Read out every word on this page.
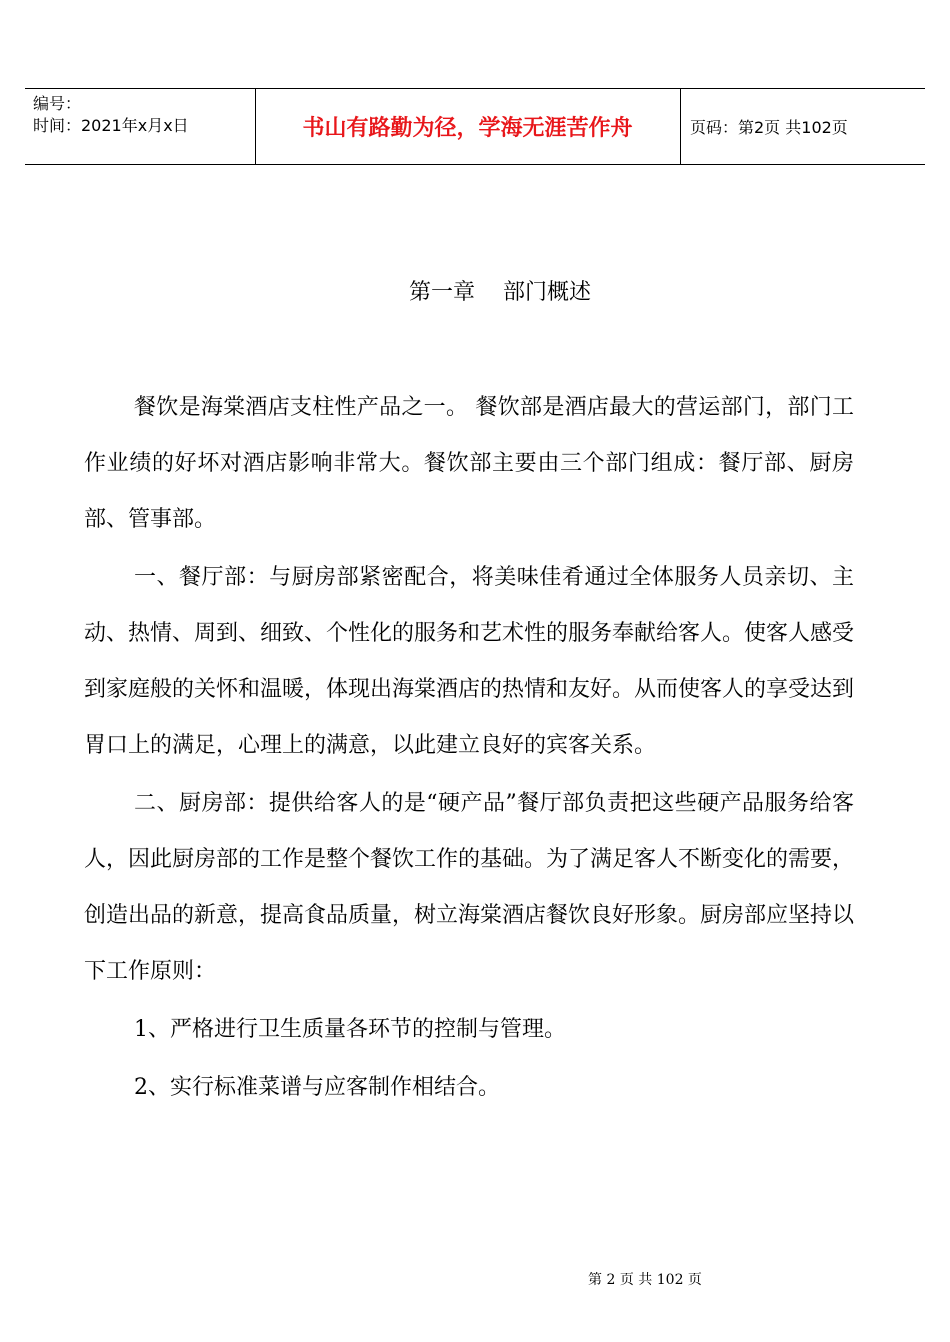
编号：
时间：2021年x月x日	书山有路勤为径，学海无涯苦作舟	页码：第2页 共102页
第一章    部门概述

餐饮是海棠酒店支柱性产品之一。 餐饮部是酒店最大的营运部门，部门工作业绩的好坏对酒店影响非常大。餐饮部主要由三个部门组成：餐厅部、厨房部、管事部。

一、餐厅部：与厨房部紧密配合，将美味佳肴通过全体服务人员亲切、主动、热情、周到、细致、个性化的服务和艺术性的服务奉献给客人。使客人感受到家庭般的关怀和温暖，体现出海棠酒店的热情和友好。从而使客人的享受达到胃口上的满足，心理上的满意，以此建立良好的宾客关系。

二、厨房部：提供给客人的是“硬产品”餐厅部负责把这些硬产品服务给客人，因此厨房部的工作是整个餐饮工作的基础。为了满足客人不断变化的需要，创造出品的新意，提高食品质量，树立海棠酒店餐饮良好形象。厨房部应坚持以下工作原则：

1、严格进行卫生质量各环节的控制与管理。

2、实行标准菜谱与应客制作相结合。

第 2 页 共 102 页
